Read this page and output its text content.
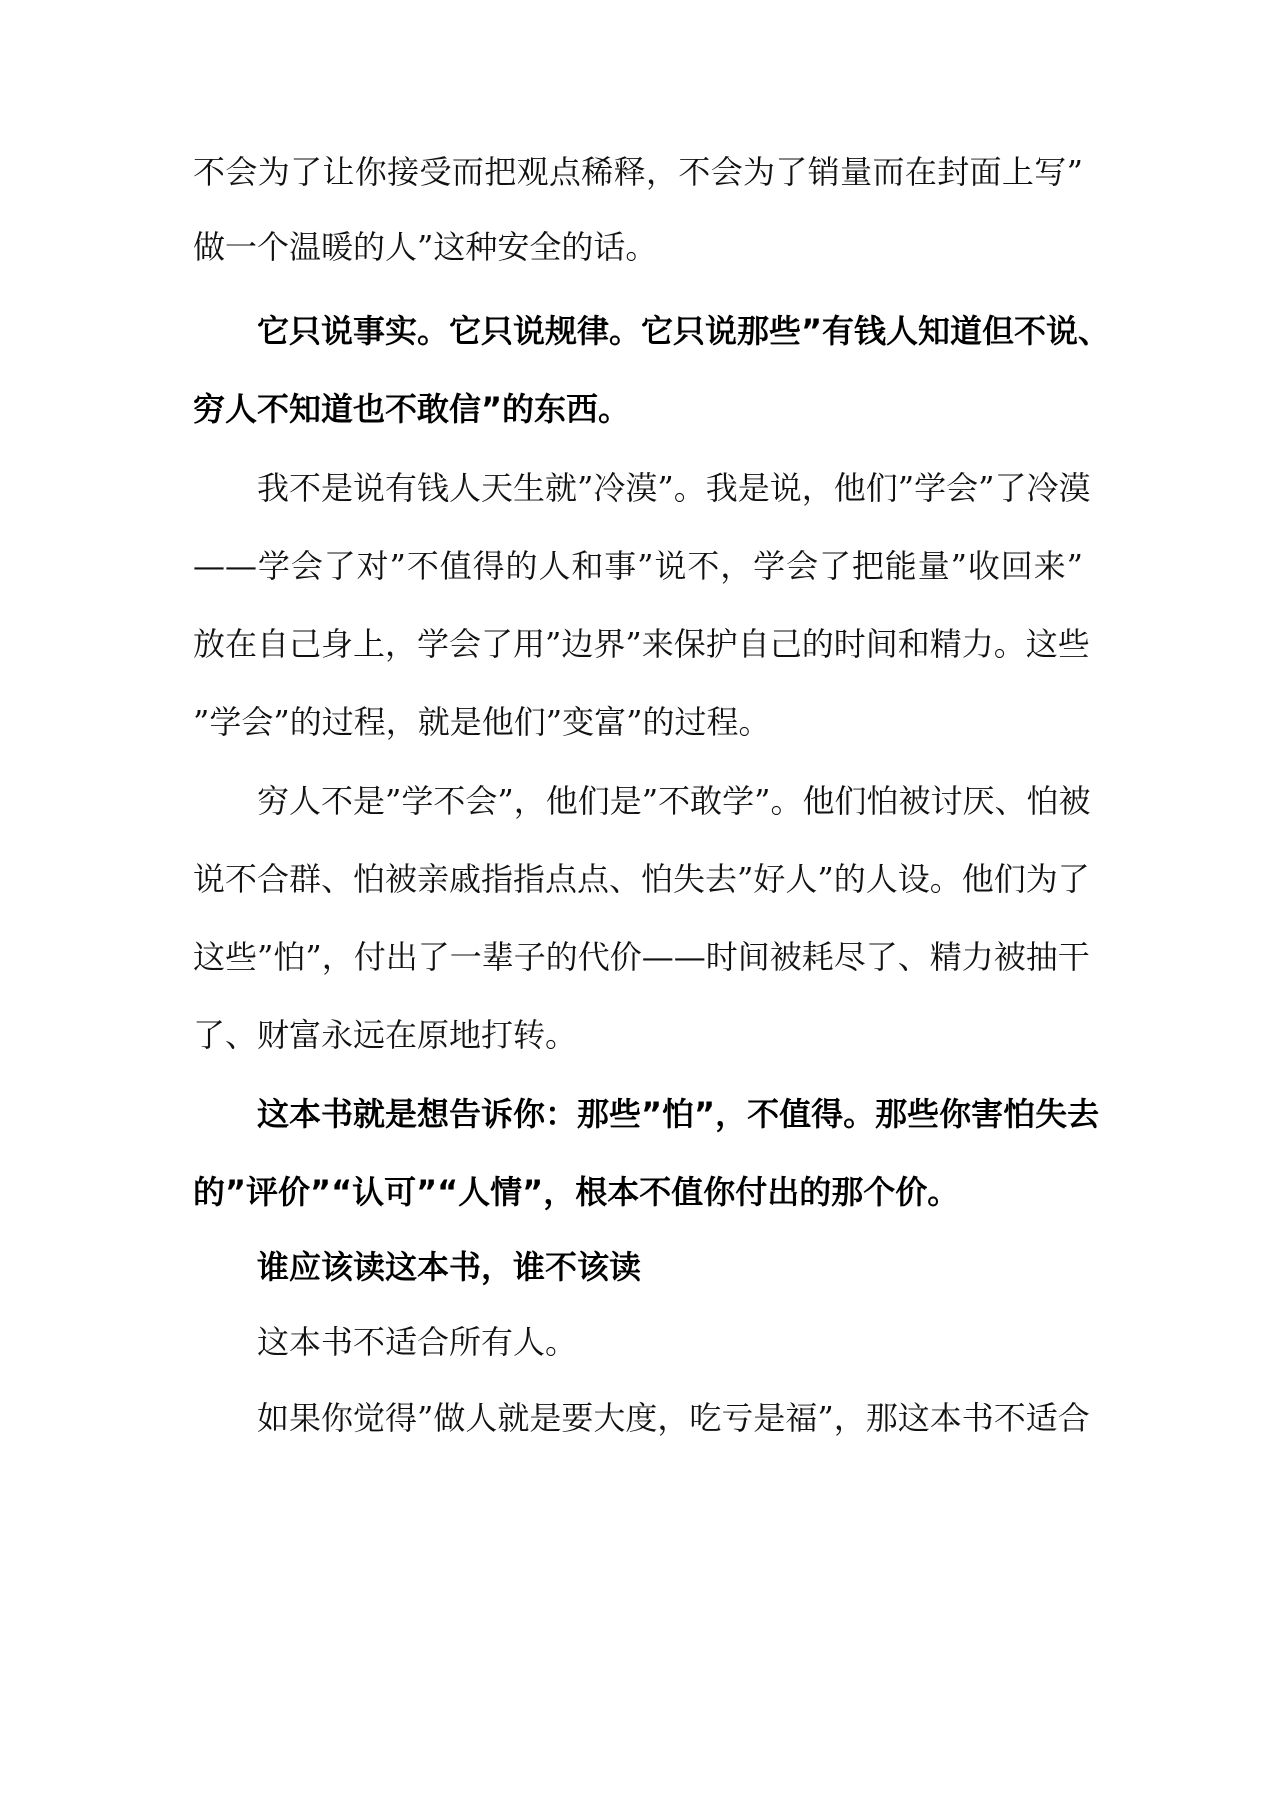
不会为了让你接受而把观点稀释，不会为了销量而在封面上写”
做一个温暖的人”这种安全的话。
它只说事实。它只说规律。它只说那些”有钱人知道但不说、
穷人不知道也不敢信”的东西。
我不是说有钱人天生就”冷漠”。我是说，他们”学会”了冷漠
——学会了对”不值得的人和事”说不，学会了把能量”收回来”
放在自己身上，学会了用”边界”来保护自己的时间和精力。这些
”学会”的过程，就是他们”变富”的过程。
穷人不是”学不会”，他们是”不敢学”。他们怕被讨厌、怕被
说不合群、怕被亲戚指指点点、怕失去”好人”的人设。他们为了
这些”怕”，付出了一辈子的代价——时间被耗尽了、精力被抽干
了、财富永远在原地打转。
这本书就是想告诉你：那些”怕”，不值得。那些你害怕失去
的”评价”“认可”“人情”，根本不值你付出的那个价。
谁应该读这本书，谁不该读
这本书不适合所有人。
如果你觉得”做人就是要大度，吃亏是福”，那这本书不适合
